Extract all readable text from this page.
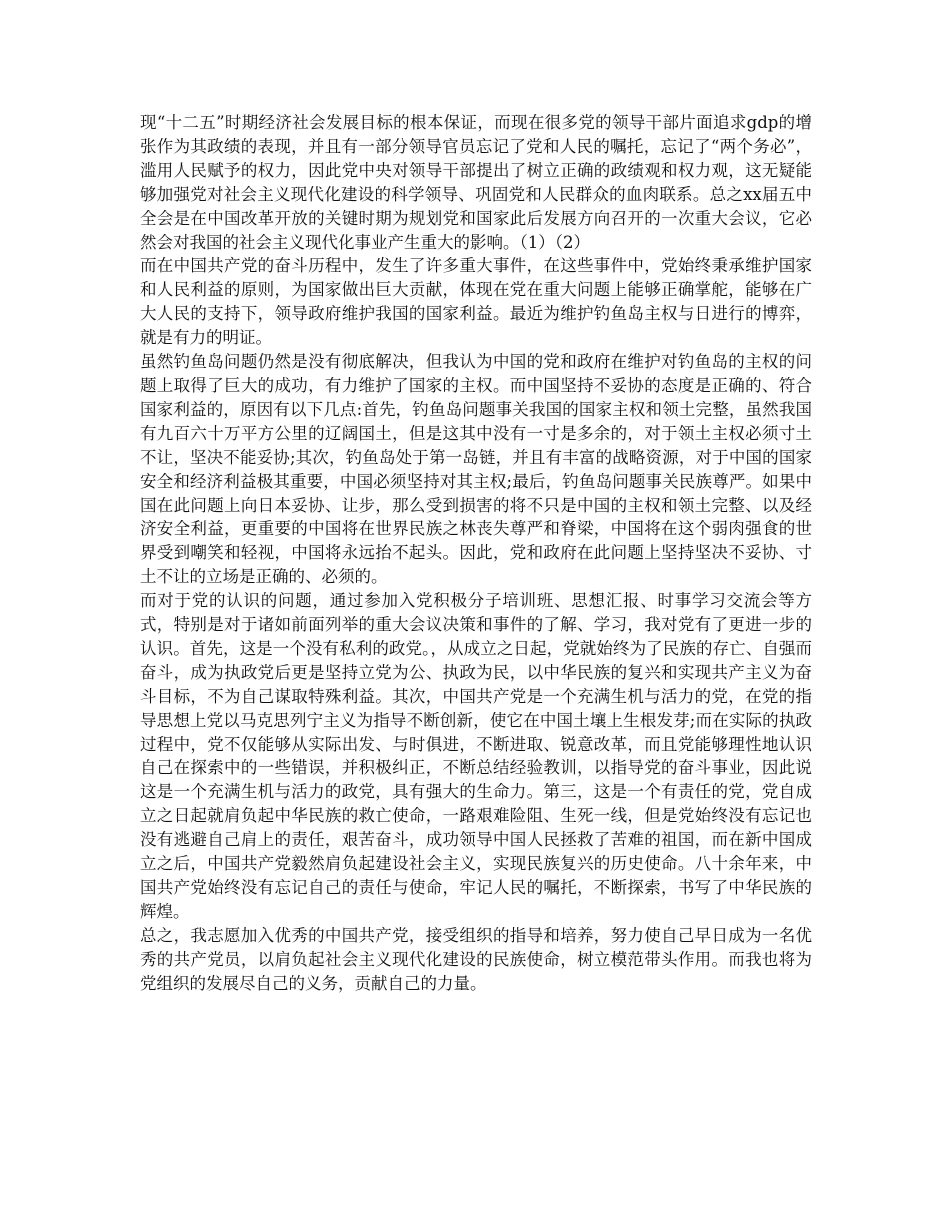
现“十二五”时期经济社会发展目标的根本保证，而现在很多党的领导干部片面追求gdp的增张作为其政绩的表现，并且有一部分领导官员忘记了党和人民的嘱托，忘记了“两个务必”，滥用人民赋予的权力，因此党中央对领导干部提出了树立正确的政绩观和权力观，这无疑能够加强党对社会主义现代化建设的科学领导、巩固党和人民群众的血肉联系。总之xx届五中全会是在中国改革开放的关键时期为规划党和国家此后发展方向召开的一次重大会议，它必然会对我国的社会主义现代化事业产生重大的影响。（1）（2）

而在中国共产党的奋斗历程中，发生了许多重大事件，在这些事件中，党始终秉承维护国家和人民利益的原则，为国家做出巨大贡献，体现在党在重大问题上能够正确掌舵，能够在广大人民的支持下，领导政府维护我国的国家利益。最近为维护钓鱼岛主权与日进行的博弈，就是有力的明证。

虽然钓鱼岛问题仍然是没有彻底解决，但我认为中国的党和政府在维护对钓鱼岛的主权的问题上取得了巨大的成功，有力维护了国家的主权。而中国坚持不妥协的态度是正确的、符合国家利益的，原因有以下几点:首先，钓鱼岛问题事关我国的国家主权和领土完整，虽然我国有九百六十万平方公里的辽阔国土，但是这其中没有一寸是多余的，对于领土主权必须寸土不让，坚决不能妥协;其次，钓鱼岛处于第一岛链，并且有丰富的战略资源，对于中国的国家安全和经济利益极其重要，中国必须坚持对其主权;最后，钓鱼岛问题事关民族尊严。如果中国在此问题上向日本妥协、让步，那么受到损害的将不只是中国的主权和领土完整、以及经济安全利益，更重要的中国将在世界民族之林丧失尊严和脊梁，中国将在这个弱肉强食的世界受到嘲笑和轻视，中国将永远抬不起头。因此，党和政府在此问题上坚持坚决不妥协、寸土不让的立场是正确的、必须的。

而对于党的认识的问题，通过参加入党积极分子培训班、思想汇报、时事学习交流会等方式，特别是对于诸如前面列举的重大会议决策和事件的了解、学习，我对党有了更进一步的认识。首先，这是一个没有私利的政党。，从成立之日起，党就始终为了民族的存亡、自强而奋斗，成为执政党后更是坚持立党为公、执政为民，以中华民族的复兴和实现共产主义为奋斗目标，不为自己谋取特殊利益。其次，中国共产党是一个充满生机与活力的党，在党的指导思想上党以马克思列宁主义为指导不断创新，使它在中国土壤上生根发芽;而在实际的执政过程中，党不仅能够从实际出发、与时俱进，不断进取、锐意改革，而且党能够理性地认识自己在探索中的一些错误，并积极纠正，不断总结经验教训，以指导党的奋斗事业，因此说这是一个充满生机与活力的政党，具有强大的生命力。第三，这是一个有责任的党，党自成立之日起就肩负起中华民族的救亡使命，一路艰难险阻、生死一线，但是党始终没有忘记也没有逃避自己肩上的责任，艰苦奋斗，成功领导中国人民拯救了苦难的祖国，而在新中国成立之后，中国共产党毅然肩负起建设社会主义，实现民族复兴的历史使命。八十余年来，中国共产党始终没有忘记自己的责任与使命，牢记人民的嘱托，不断探索，书写了中华民族的辉煌。

总之，我志愿加入优秀的中国共产党，接受组织的指导和培养，努力使自己早日成为一名优秀的共产党员，以肩负起社会主义现代化建设的民族使命，树立模范带头作用。而我也将为党组织的发展尽自己的义务，贡献自己的力量。
